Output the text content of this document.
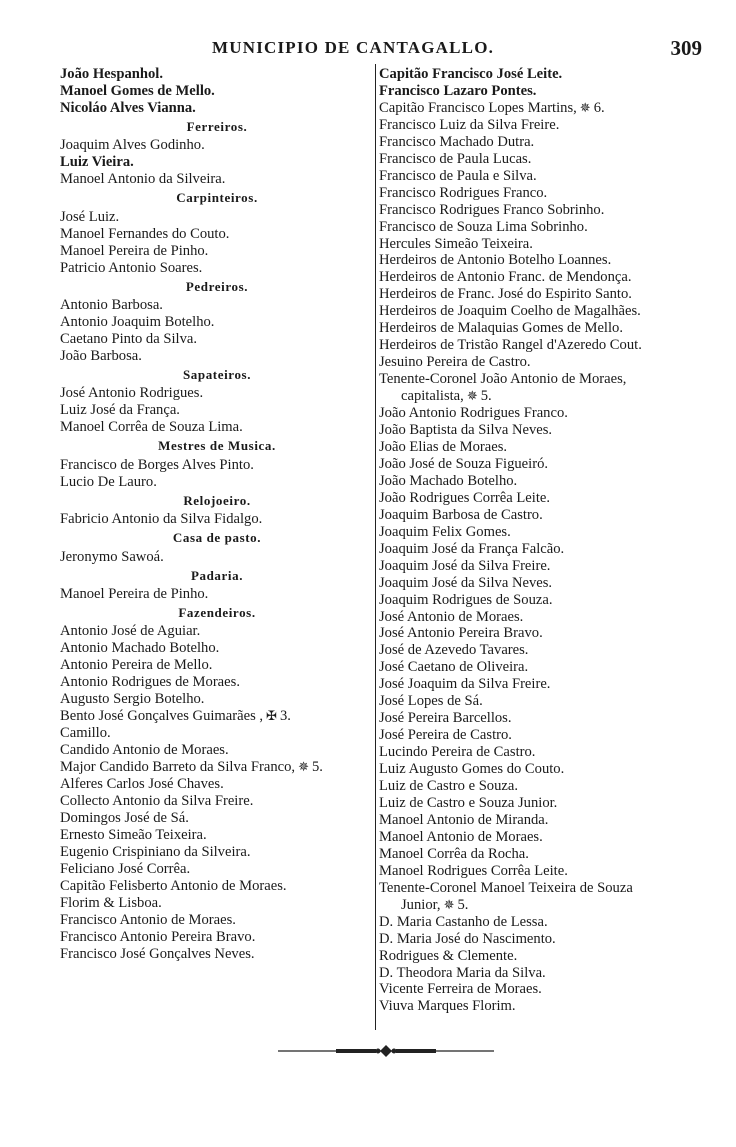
MUNICIPIO DE CANTAGALLO.	309
João Hespanhol.
Manoel Gomes de Mello.
Nicoláo Alves Vianna.
Ferreiros.
Joaquim Alves Godinho.
Luiz Vieira.
Manoel Antonio da Silveira.
Carpinteiros.
José Luiz.
Manoel Fernandes do Couto.
Manoel Pereira de Pinho.
Patricio Antonio Soares.
Pedreiros.
Antonio Barbosa.
Antonio Joaquim Botelho.
Caetano Pinto da Silva.
João Barbosa.
Sapateiros.
José Antonio Rodrigues.
Luiz José da França.
Manoel Corrêa de Souza Lima.
Mestres de Musica.
Francisco de Borges Alves Pinto.
Lucio De Lauro.
Relojoeiro.
Fabricio Antonio da Silva Fidalgo.
Casa de pasto.
Jeronymo Sawoá.
Padaria.
Manoel Pereira de Pinho.
Fazendeiros.
Antonio José de Aguiar.
Antonio Machado Botelho.
Antonio Pereira de Mello.
Antonio Rodrigues de Moraes.
Augusto Sergio Botelho.
Bento José Gonçalves Guimarães , ✠ 3.
Camillo.
Candido Antonio de Moraes.
Major Candido Barreto da Silva Franco, ✵ 5.
Alferes Carlos José Chaves.
Collecto Antonio da Silva Freire.
Domingos José de Sá.
Ernesto Simeão Teixeira.
Eugenio Crispiniano da Silveira.
Feliciano José Corrêa.
Capitão Felisberto Antonio de Moraes.
Florim & Lisboa.
Francisco Antonio de Moraes.
Francisco Antonio Pereira Bravo.
Francisco José Gonçalves Neves.
Capitão Francisco José Leite.
Francisco Lazaro Pontes.
Capitão Francisco Lopes Martins, ✵ 6.
Francisco Luiz da Silva Freire.
Francisco Machado Dutra.
Francisco de Paula Lucas.
Francisco de Paula e Silva.
Francisco Rodrigues Franco.
Francisco Rodrigues Franco Sobrinho.
Francisco de Souza Lima Sobrinho.
Hercules Simeão Teixeira.
Herdeiros de Antonio Botelho Loannes.
Herdeiros de Antonio Franc. de Mendonça.
Herdeiros de Franc. José do Espirito Santo.
Herdeiros de Joaquim Coelho de Magalhães.
Herdeiros de Malaquias Gomes de Mello.
Herdeiros de Tristão Rangel d'Azeredo Cout.
Jesuino Pereira de Castro.
Tenente-Coronel João Antonio de Moraes,
capitalista, ✵ 5.
João Antonio Rodrigues Franco.
João Baptista da Silva Neves.
João Elias de Moraes.
João José de Souza Figueiró.
João Machado Botelho.
João Rodrigues Corrêa Leite.
Joaquim Barbosa de Castro.
Joaquim Felix Gomes.
Joaquim José da França Falcão.
Joaquim José da Silva Freire.
Joaquim José da Silva Neves.
Joaquim Rodrigues de Souza.
José Antonio de Moraes.
José Antonio Pereira Bravo.
José de Azevedo Tavares.
José Caetano de Oliveira.
José Joaquim da Silva Freire.
José Lopes de Sá.
José Pereira Barcellos.
José Pereira de Castro.
Lucindo Pereira de Castro.
Luiz Augusto Gomes do Couto.
Luiz de Castro e Souza.
Luiz de Castro e Souza Junior.
Manoel Antonio de Miranda.
Manoel Antonio de Moraes.
Manoel Corrêa da Rocha.
Manoel Rodrigues Corrêa Leite.
Tenente-Coronel Manoel Teixeira de Souza
Junior, ✵ 5.
D. Maria Castanho de Lessa.
D. Maria José do Nascimento.
Rodrigues & Clemente.
D. Theodora Maria da Silva.
Vicente Ferreira de Moraes.
Viuva Marques Florim.
